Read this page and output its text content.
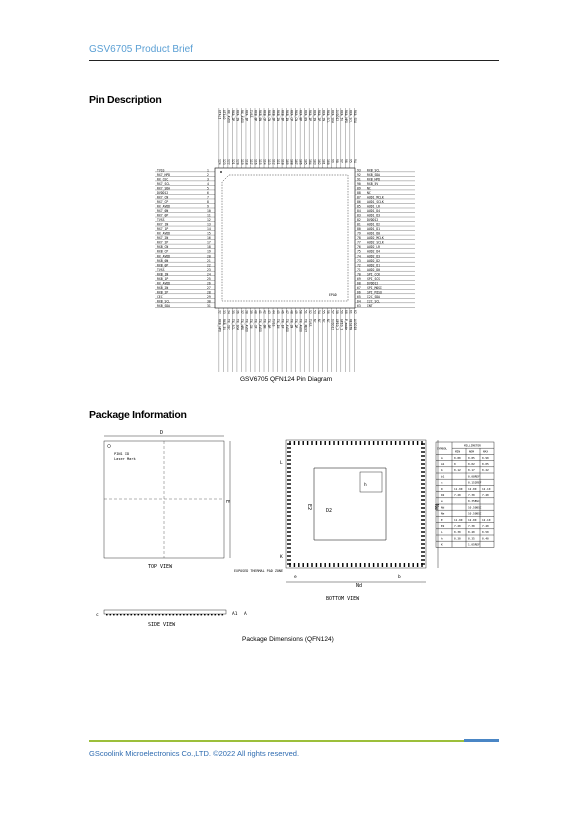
GSV6705 Product Brief
Pin Description
EPAD
TVSS	1
RX7_HPD	2
RX_CEC	3
RX7_SCL	4
RX7_SDA	5
DVDD12	6
RX7_CN	7
RX7_CP	8
RX_AVDD	9
RX7_0N	10
RX7_0P	11
TVSS	12
RX7_1N	13
RX7_1P	14
RX_AVDD	15
RX7_2N	16
RX7_2P	17
RXB_CN	18
RXB_CP	19
RX_AVDD	20
RXB_0N	21
RXB_0P	22
TVSS	23
RXB_1N	24
RXB_1P	25
RX_AVDD	26
RXB_2N	27
RXB_2P	28
CEC	29
RXB_SCL	30
RXB_SDA	31
93 RXB_SCL
92 RXB_SDA
91 RXB_HPD
90 RXB_5V
89 NC
88 NC
87 AUD1_MCLK
86 AUD1_SCLK
85 AUD1_LR
84 AUD1_D4
83 AUD1_D3
82 DVDD12
81 AUD1_D2
80 AUD1_D1
79 AUD1_D0
78 AUD2_MCLK
77 AUD2_SCLK
76 AUD2_LR
75 AUD2_D4
74 AUD2_D3
73 AUD2_D2
72 AUD2_D1
71 AUD2_D0
70 SPI_CCK
69 SPI_SCS
68 DVDD12
67 SPI_MOSI
66 SPI_MISO
65 I2C_SDA
64 I2C_SCL
63 INT
XTALI
124
XTALO
123
RX_AVDD
122
RXA_2P
121
RXA_2N
120
RX_AVDD
119
RXA_1P
118
TVSS
117
RXB_0P
116
RXB_0N
115
RXB_CP
114
RXB_CN
113
RXB_2P
112
RXB_2N
111
RXB_1P
110
RXB_1N
109
RXA_CP
108
RXA_CN
107
RXA_0P
106
RXA_0N
105
RXA_1P
104
RXA_1N
103
RXA_2P
102
RXA_2N
101
RXA_SCL
100
RXA_SDA
99
DVDD12
98
RXA_5V
97
RXA_HPD
96
RXA_SCL
95
RXA_SDA
94
32
RXB_HPD
33
RXB_5V
34
TX_CEC
35
TX_SCL
36
TX_SDA
37
TX_HPD
38
TX_AVDD
39
TX_CN
40
TX_CP
41
TX_AVDD
42
TX_0N
43
TX_0P
44
TVSS
45
TX_1N
46
TX_1P
47
TX_AVDD
48
TX_2N
49
TX_2P
50
TX_AVDD
51
TX_REXT
52
TVSS
53
NC
54
NC
55
NC
56
NC
57
DVDD12
58
GPIO_2
59
GPIO_1
60
P_mode
61
RESETB
62
AVDD18
GSV6705 QFN124 Pin Diagram
Package Information
D
E
PIN1 ID
Laser Mark
TOP VIEW
D2
E2
Nd
Ne
e	b
L
K
h
EXPOSED THERMAL PAD ZONE
BOTTOM VIEW
c	A1 A
SIDE VIEW
SYMBOL
MILLIMETER
MIN	NOM	MAX
A	0.80	0.85	0.90
A1	0	0.02	0.05
b	0.12	0.17	0.22
b1	0.08REF
c	0.152REF
D	11.90 12.00 12.10
D2	7.20	7.30	7.40
e	0.35BSC
Nd	10.50BSC
Ne	10.50BSC
E	11.90 12.00 12.10
E2	7.20	7.30	7.40
L	0.30	0.40	0.50
h	0.30	0.35	0.40
K	1.05REF
Package Dimensions (QFN124)
GScoolink Microelectronics Co.,LTD. ©2022 All rights reserved.
